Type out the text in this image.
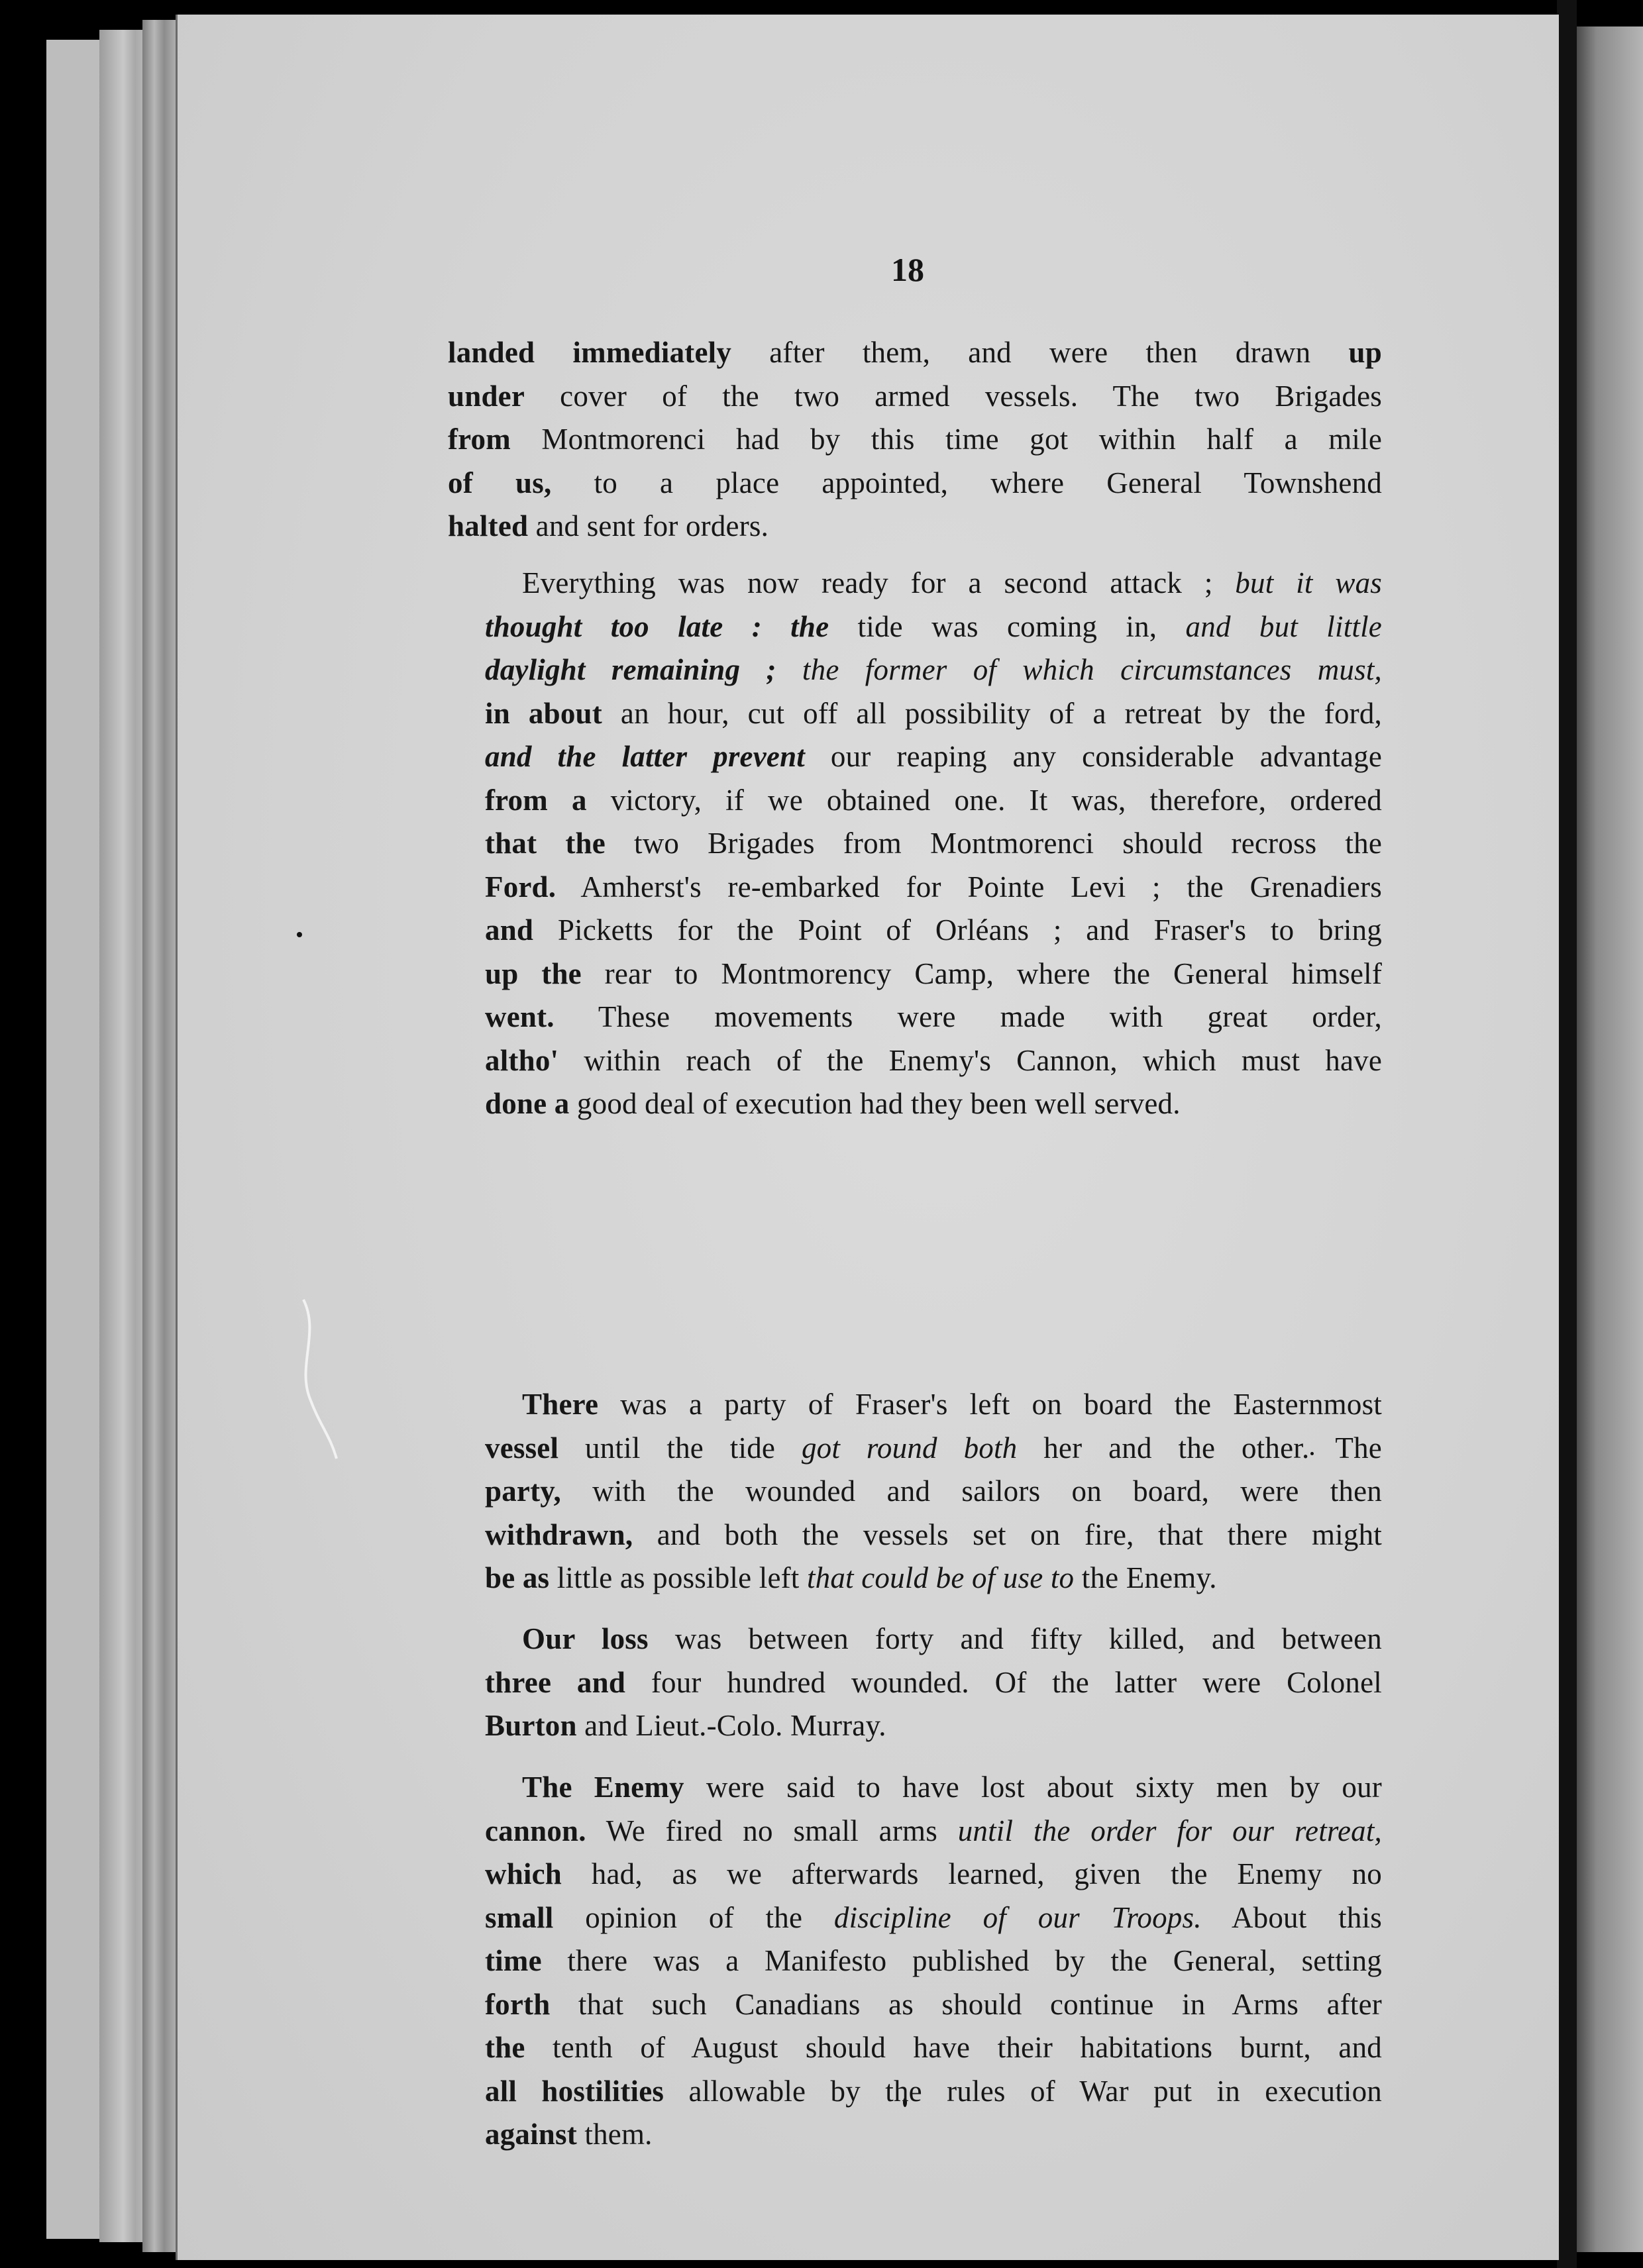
18

landed immediately after them, and were then drawn up
under cover of the two armed vessels. The two Brigades
from Montmorenci had by this time got within half a mile
of us, to a place appointed, where General Townshend
halted and sent for orders.

Everything was now ready for a second attack ; but it was
thought too late : the tide was coming in, and but little
daylight remaining ; the former of which circumstances must,
in about an hour, cut off all possibility of a retreat by the ford,
and the latter prevent our reaping any considerable advantage
from a victory, if we obtained one. It was, therefore, ordered
that the two Brigades from Montmorenci should recross the
Ford. Amherst's re-embarked for Pointe Levi ; the Grenadiers
and Picketts for the Point of Orléans ; and Fraser's to bring
up the rear to Montmorency Camp, where the General himself
went. These movements were made with great order,
altho' within reach of the Enemy's Cannon, which must have
done a good deal of execution had they been well served.

There was a party of Fraser's left on board the Easternmost
vessel until the tide got round both her and the other. The
party, with the wounded and sailors on board, were then
withdrawn, and both the vessels set on fire, that there might
be as little as possible left that could be of use to the Enemy.

Our loss was between forty and fifty killed, and between
three and four hundred wounded. Of the latter were Colonel
Burton and Lieut.-Colo. Murray.

The Enemy were said to have lost about sixty men by our
cannon. We fired no small arms until the order for our retreat,
which had, as we afterwards learned, given the Enemy no
small opinion of the discipline of our Troops. About this
time there was a Manifesto published by the General, setting
forth that such Canadians as should continue in Arms after
the tenth of August should have their habitations burnt, and
all hostilities allowable by the rules of War put in execution
against them.
